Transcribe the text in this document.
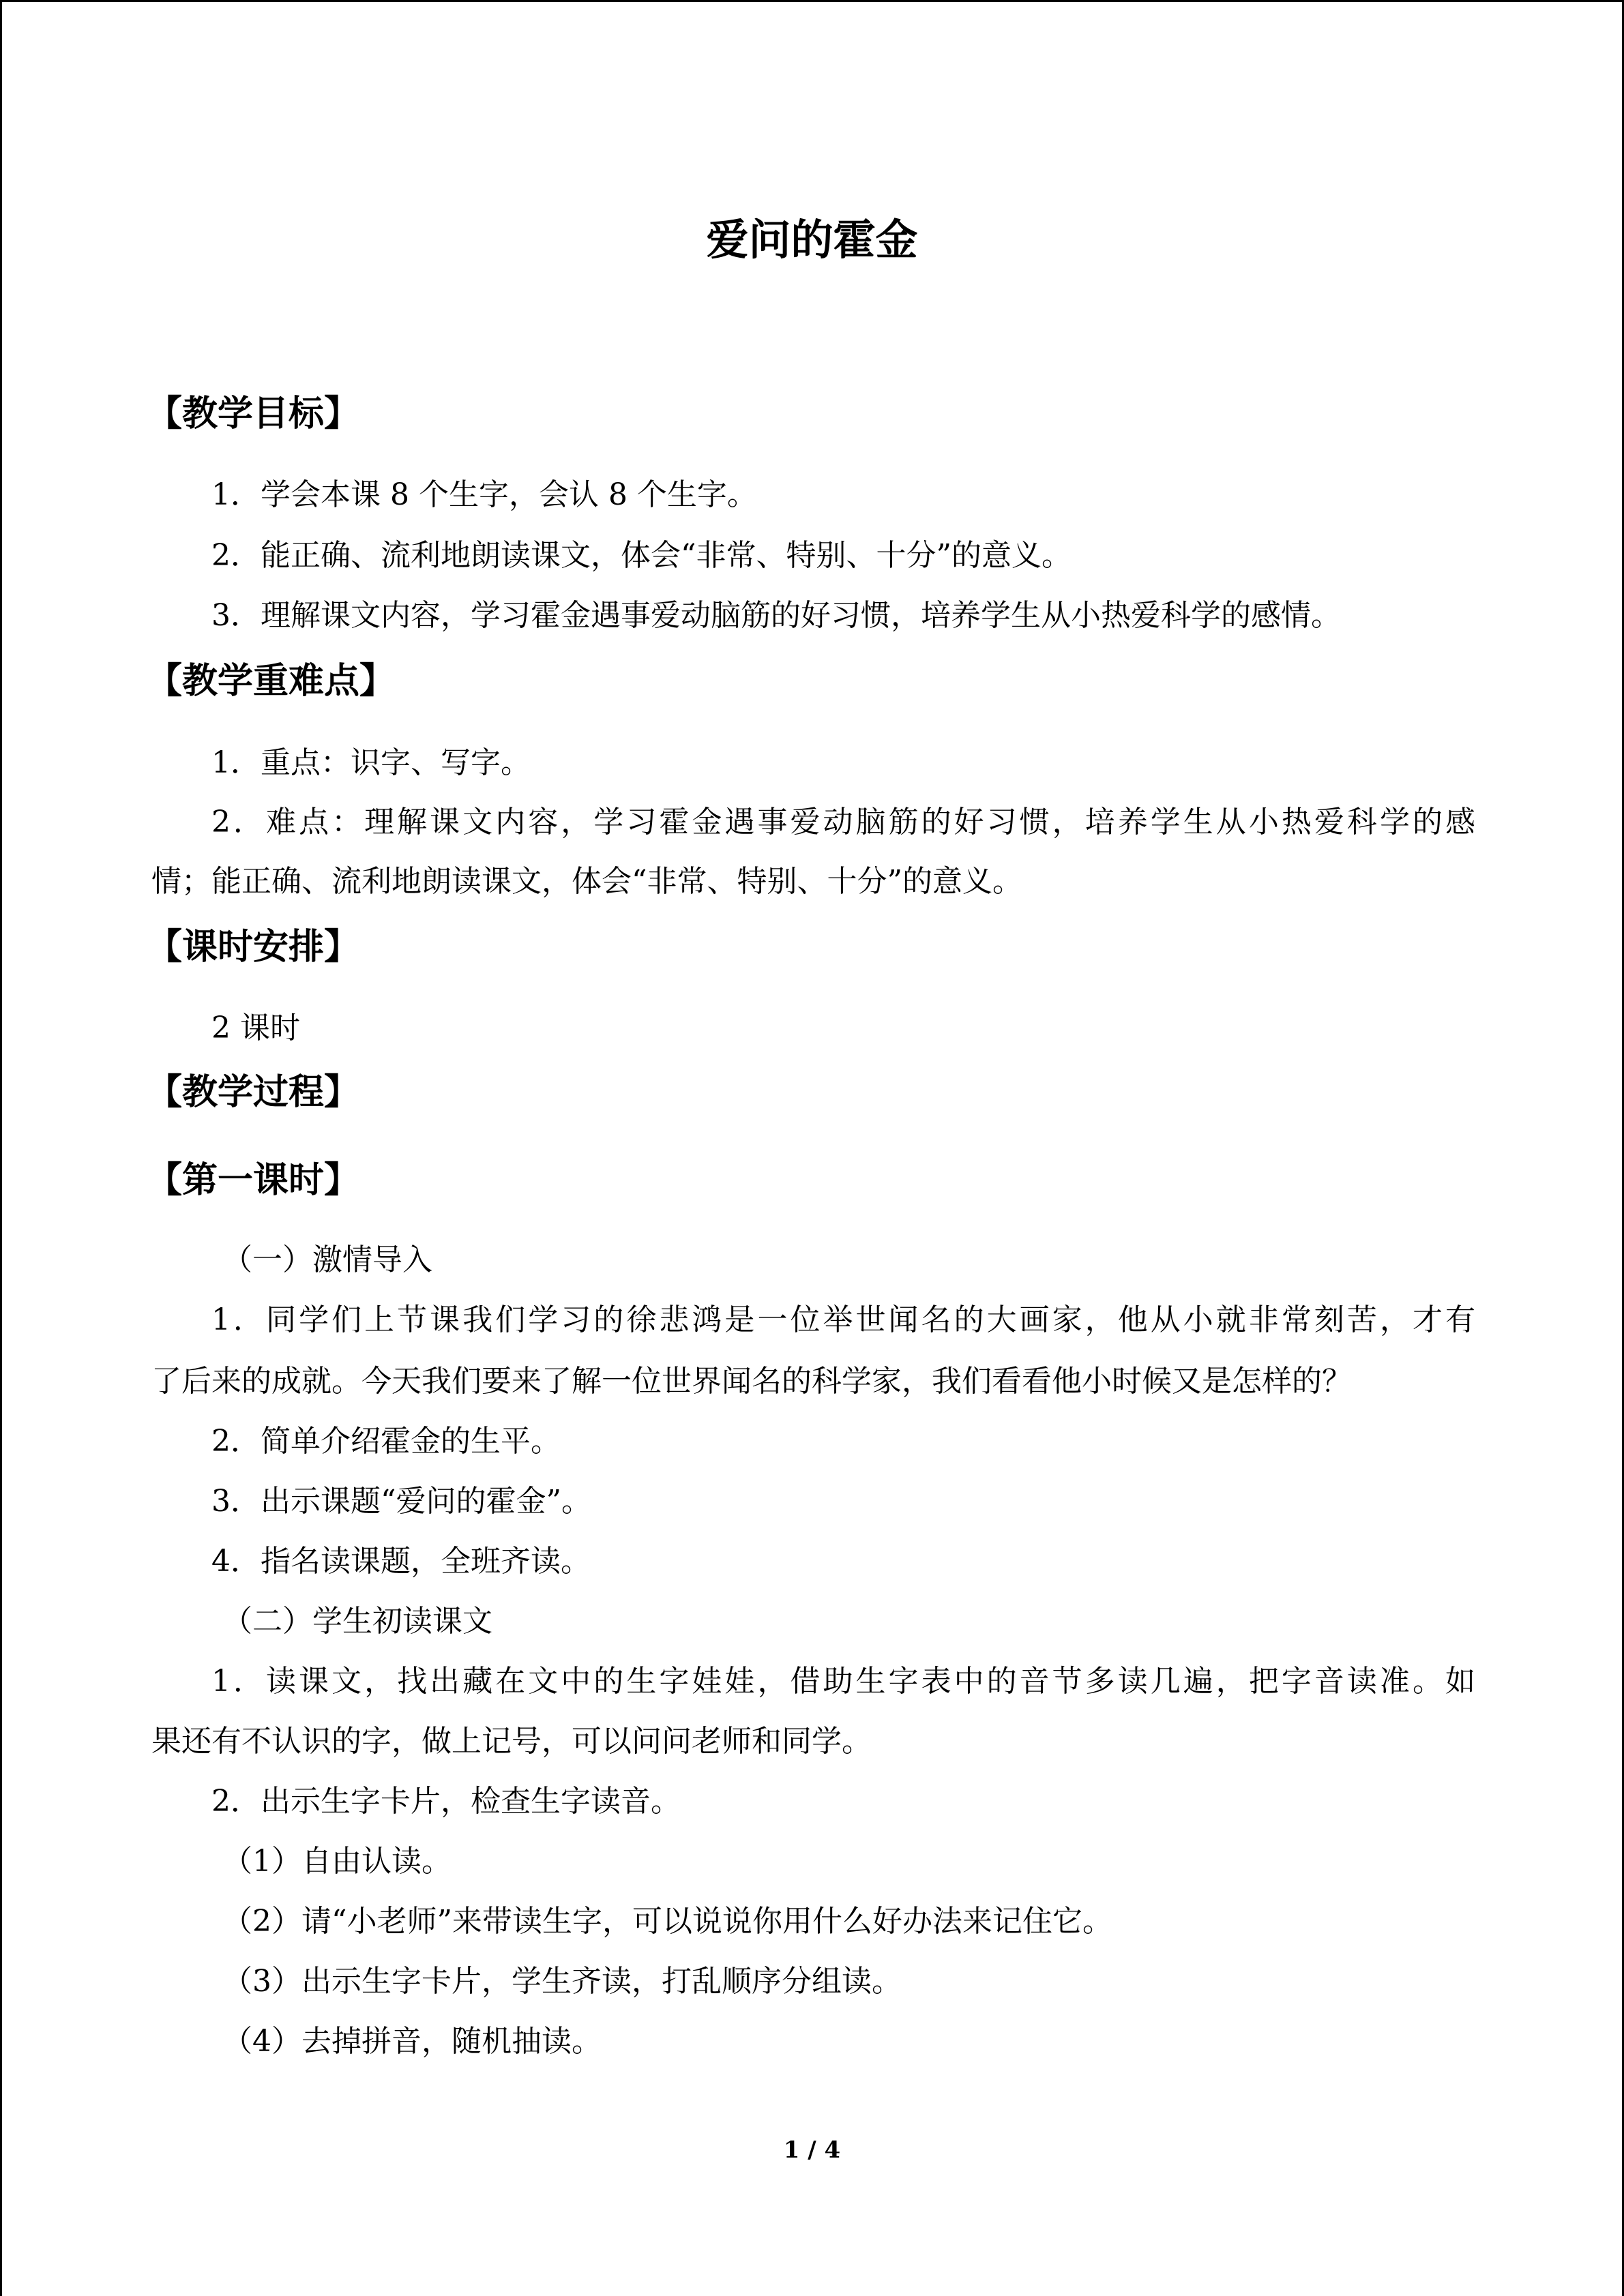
爱问的霍金
【教学目标】
1．学会本课 8 个生字，会认 8 个生字。
2．能正确、流利地朗读课文，体会“非常、特别、十分”的意义。
3．理解课文内容，学习霍金遇事爱动脑筋的好习惯，培养学生从小热爱科学的感情。
【教学重难点】
1．重点：识字、写字。
2．难点：理解课文内容，学习霍金遇事爱动脑筋的好习惯，培养学生从小热爱科学的感
情；能正确、流利地朗读课文，体会“非常、特别、十分”的意义。
【课时安排】
2 课时
【教学过程】
【第一课时】
（一）激情导入
1．同学们上节课我们学习的徐悲鸿是一位举世闻名的大画家，他从小就非常刻苦，才有
了后来的成就。今天我们要来了解一位世界闻名的科学家，我们看看他小时候又是怎样的？
2．简单介绍霍金的生平。
3．出示课题“爱问的霍金”。
4．指名读课题，全班齐读。
（二）学生初读课文
1．读课文，找出藏在文中的生字娃娃，借助生字表中的音节多读几遍，把字音读准。如
果还有不认识的字，做上记号，可以问问老师和同学。
2．出示生字卡片，检查生字读音。
（1）自由认读。
（2）请“小老师”来带读生字，可以说说你用什么好办法来记住它。
（3）出示生字卡片，学生齐读，打乱顺序分组读。
（4）去掉拼音，随机抽读。
1 / 4
